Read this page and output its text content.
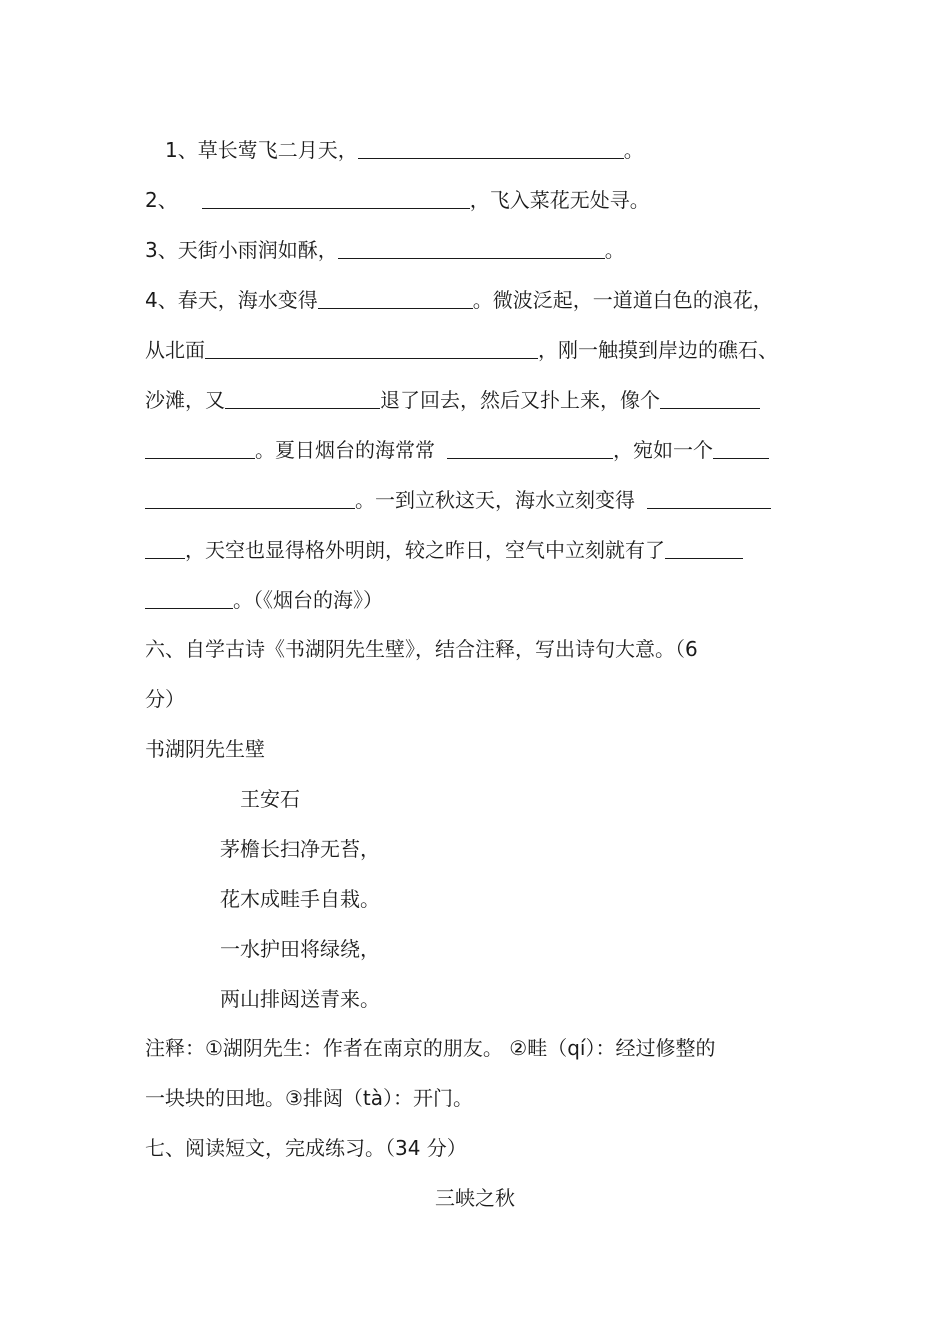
1、草长莺飞二月天，	。
2、	，飞入菜花无处寻。
3、天街小雨润如酥，	。
4、春天，海水变得	。微波泛起，一道道白色的浪花，
从北面	，刚一触摸到岸边的礁石、
沙滩，又	退了回去，然后又扑上来，像个
。夏日烟台的海常常	，宛如一个
。一到立秋这天，海水立刻变得
，天空也显得格外明朗，较之昨日，空气中立刻就有了
。（《烟台的海》）
六、自学古诗《书湖阴先生壁》，结合注释，写出诗句大意。（6
分）
书湖阴先生壁
王安石
茅檐长扫净无苔，
花木成畦手自栽。
一水护田将绿绕，
两山排闼送青来。
注释：①湖阴先生：作者在南京的朋友。 ②畦（qí）：经过修整的
一块块的田地。③排闼（tà）：开门。
七、阅读短文，完成练习。（34 分）
三峡之秋
